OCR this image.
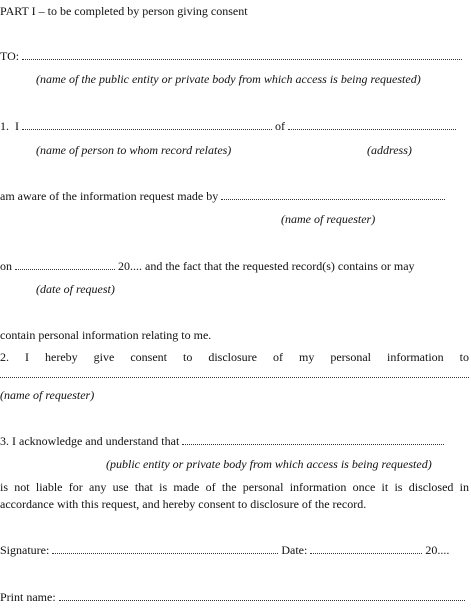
PART I – to be completed by person giving consent
TO:
(name of the public entity or private body from which access is being requested)
1. I	of
(name of person to whom record relates)	(address)
am aware of the information request made by
(name of requester)
on	20.... and the fact that the requested record(s) contains or may
(date of request)
contain personal information relating to me.
2. I hereby give consent to disclosure of my personal information to
(name of requester)
3. I acknowledge and understand that
(public entity or private body from which access is being requested)
is not liable for any use that is made of the personal information once it is disclosed in
accordance with this request, and hereby consent to disclosure of the record.
Signature:	Date:	20....
Print name:
